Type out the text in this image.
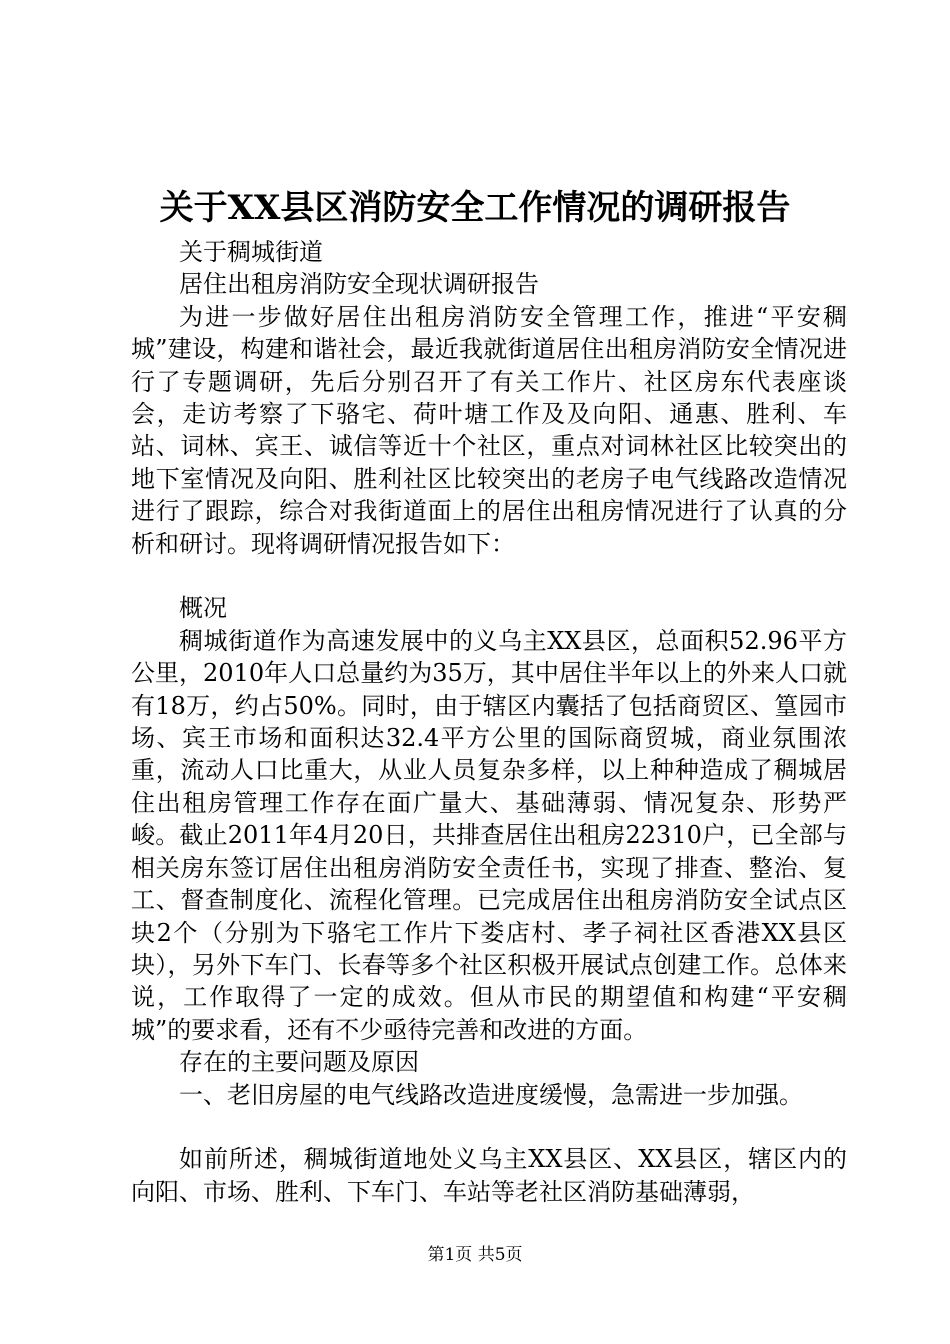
关于XX县区消防安全工作情况的调研报告

关于稠城街道

居住出租房消防安全现状调研报告

为进一步做好居住出租房消防安全管理工作，推进“平安稠城”建设，构建和谐社会，最近我就街道居住出租房消防安全情况进行了专题调研，先后分别召开了有关工作片、社区房东代表座谈会，走访考察了下骆宅、荷叶塘工作及及向阳、通惠、胜利、车站、词林、宾王、诚信等近十个社区，重点对词林社区比较突出的地下室情况及向阳、胜利社区比较突出的老房子电气线路改造情况进行了跟踪，综合对我街道面上的居住出租房情况进行了认真的分析和研讨。现将调研情况报告如下：

概况

稠城街道作为高速发展中的义乌主XX县区，总面积52.96平方公里，2010年人口总量约为35万，其中居住半年以上的外来人口就有18万，约占50%。同时，由于辖区内囊括了包括商贸区、篁园市场、宾王市场和面积达32.4平方公里的国际商贸城，商业氛围浓重，流动人口比重大，从业人员复杂多样，以上种种造成了稠城居住出租房管理工作存在面广量大、基础薄弱、情况复杂、形势严峻。截止2011年4月20日，共排查居住出租房22310户，已全部与相关房东签订居住出租房消防安全责任书，实现了排查、整治、复工、督查制度化、流程化管理。已完成居住出租房消防安全试点区块2个（分别为下骆宅工作片下娄店村、孝子祠社区香港XX县区块），另外下车门、长春等多个社区积极开展试点创建工作。总体来说，工作取得了一定的成效。但从市民的期望值和构建“平安稠城”的要求看，还有不少亟待完善和改进的方面。

存在的主要问题及原因

一、老旧房屋的电气线路改造进度缓慢，急需进一步加强。

如前所述，稠城街道地处义乌主XX县区、XX县区，辖区内的向阳、市场、胜利、下车门、车站等老社区消防基础薄弱，

第1页 共5页
